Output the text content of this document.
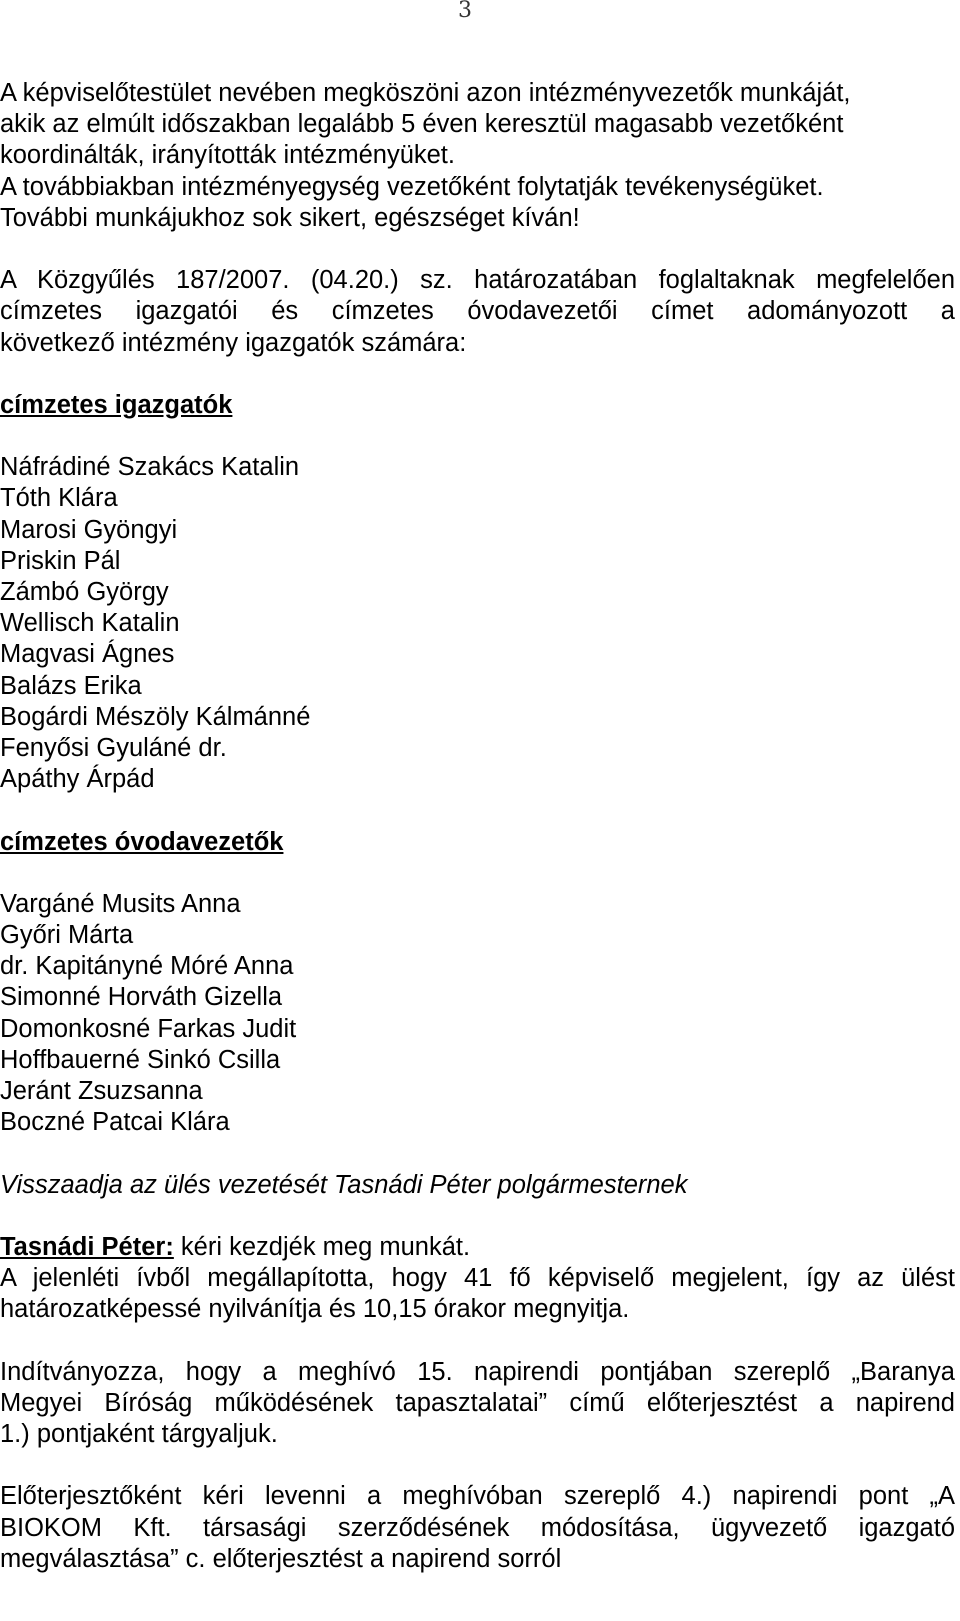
3
A képviselőtestület nevében megköszöni azon intézményvezetők munkáját,
akik az elmúlt időszakban legalább 5 éven keresztül magasabb vezetőként
koordinálták, irányították intézményüket.
A továbbiakban intézményegység vezetőként folytatják tevékenységüket.
További munkájukhoz sok sikert, egészséget kíván!
A Közgyűlés 187/2007. (04.20.) sz. határozatában foglaltaknak megfelelően
címzetes igazgatói és címzetes óvodavezetői címet adományozott a
következő intézmény igazgatók számára:
címzetes igazgatók
Náfrádiné Szakács Katalin
Tóth Klára
Marosi Gyöngyi
Priskin Pál
Zámbó György
Wellisch Katalin
Magvasi Ágnes
Balázs Erika
Bogárdi Mészöly Kálmánné
Fenyősi Gyuláné dr.
Apáthy Árpád
címzetes óvodavezetők
Vargáné Musits Anna
Győri Márta
dr. Kapitányné Móré Anna
Simonné Horváth Gizella
Domonkosné Farkas Judit
Hoffbauerné Sinkó Csilla
Jeránt Zsuzsanna
Boczné Patcai Klára
Visszaadja az ülés vezetését Tasnádi Péter polgármesternek
Tasnádi Péter: kéri kezdjék meg munkát.
A jelenléti ívből megállapította, hogy 41 fő képviselő megjelent, így az ülést
határozatképessé nyilvánítja és 10,15 órakor megnyitja.
Indítványozza, hogy a meghívó 15. napirendi pontjában szereplő „Baranya
Megyei Bíróság működésének tapasztalatai” című előterjesztést a napirend
1.) pontjaként tárgyaljuk.
Előterjesztőként kéri levenni a meghívóban szereplő 4.) napirendi pont „A
BIOKOM Kft. társasági szerződésének módosítása, ügyvezető igazgató
megválasztása” c. előterjesztést a napirend sorról
